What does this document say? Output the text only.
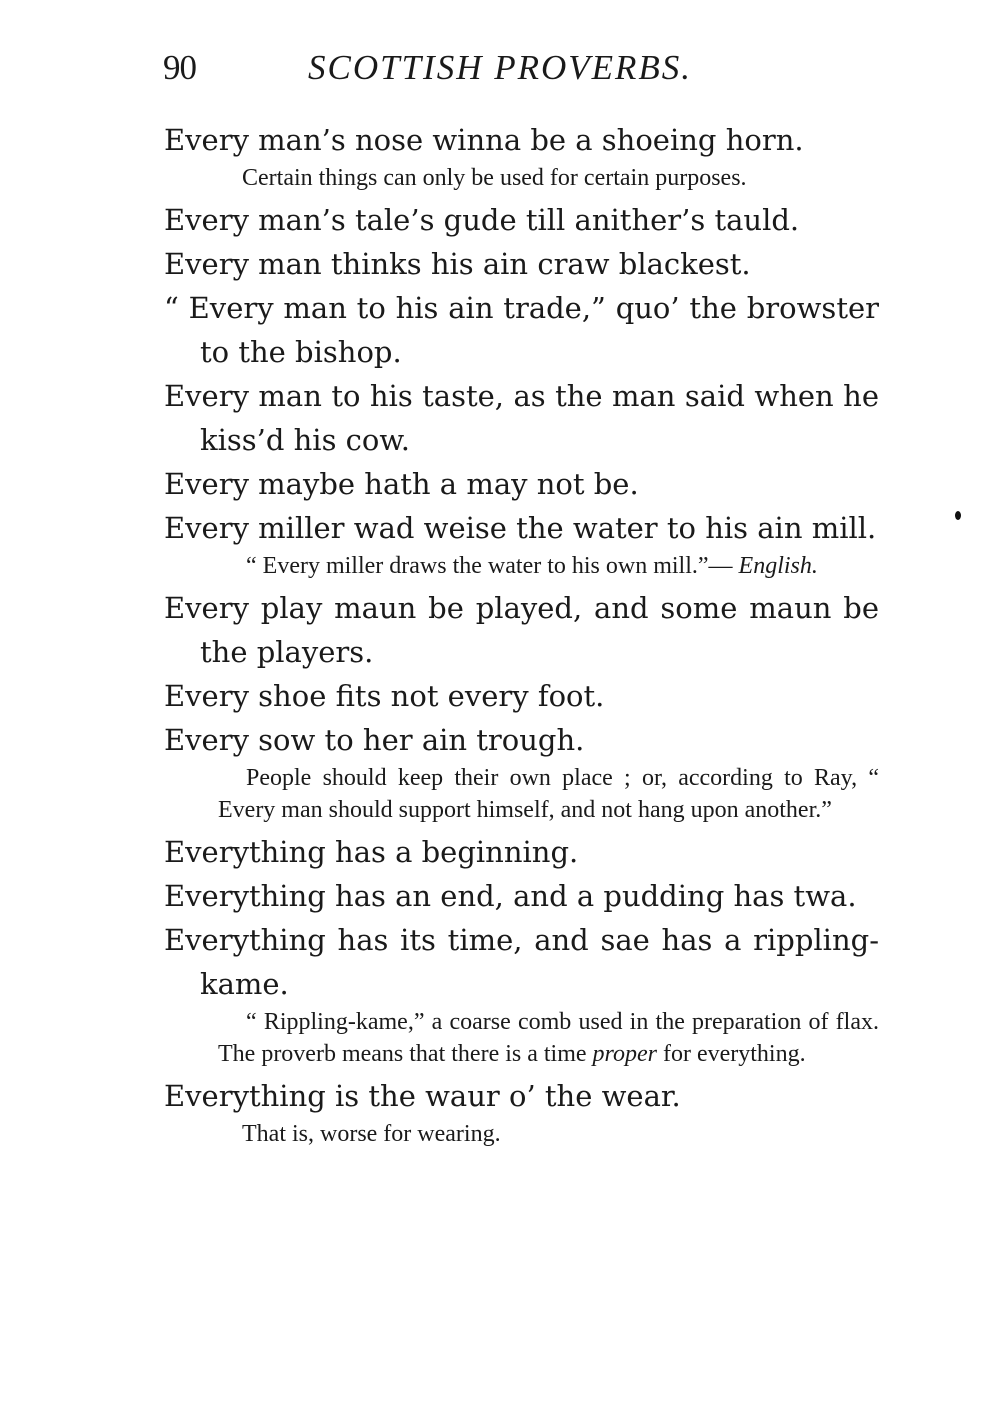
90	SCOTTISH PROVERBS.

Every man’s nose winna be a shoeing horn.

Certain things can only be used for certain purposes.

Every man’s tale’s gude till anither’s tauld.

Every man thinks his ain craw blackest.

“ Every man to his ain trade,” quo’ the browster to the bishop.

Every man to his taste, as the man said when he kiss’d his cow.

Every maybe hath a may not be.

Every miller wad weise the water to his ain mill.

“ Every miller draws the water to his own mill.”— English.

Every play maun be played, and some maun be the players.

Every shoe fits not every foot.

Every sow to her ain trough.

People should keep their own place ; or, according to Ray, “ Every man should support himself, and not hang upon another.”

Everything has a beginning.

Everything has an end, and a pudding has twa.

Everything has its time, and sae has a rippling-kame.

“ Rippling-kame,” a coarse comb used in the preparation of flax. The proverb means that there is a time proper for everything.

Everything is the waur o’ the wear.

That is, worse for wearing.
